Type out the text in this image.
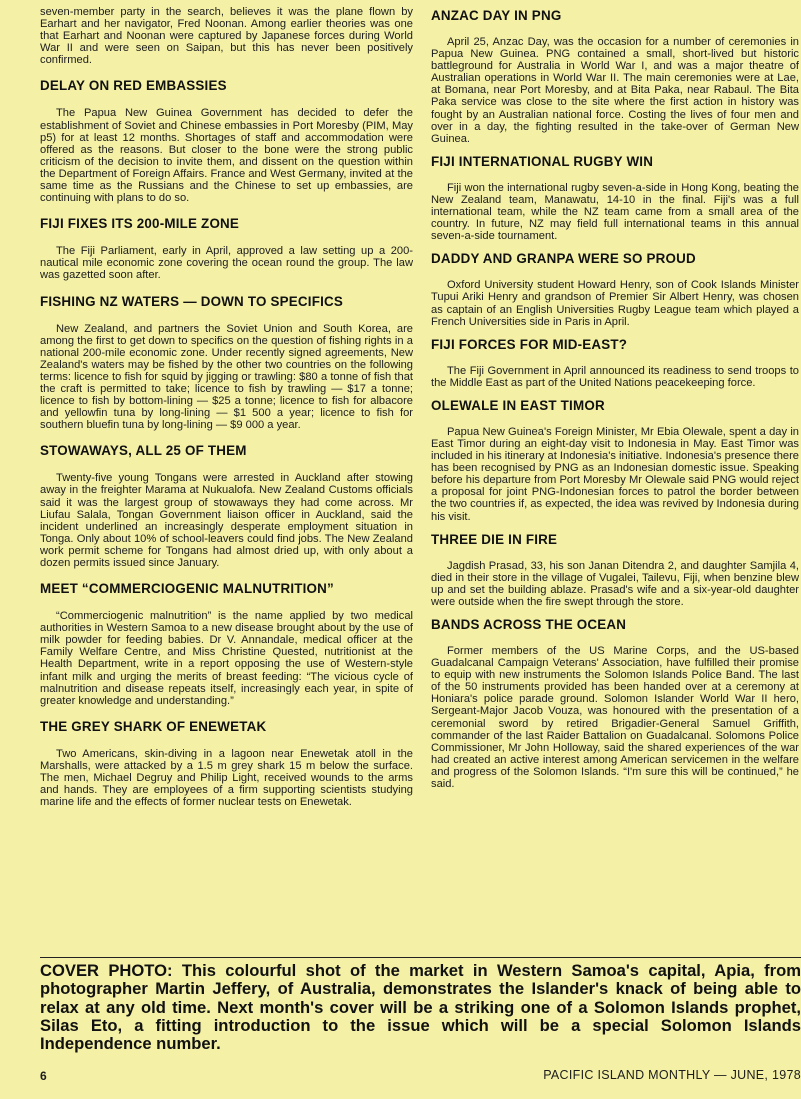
seven-member party in the search, believes it was the plane flown by Earhart and her navigator, Fred Noonan. Among earlier theories was one that Earhart and Noonan were captured by Japanese forces during World War II and were seen on Saipan, but this has never been positively confirmed.

DELAY ON RED EMBASSIES

The Papua New Guinea Government has decided to defer the establishment of Soviet and Chinese embassies in Port Moresby (PIM, May p5) for at least 12 months. Shortages of staff and accommodation were offered as the reasons. But closer to the bone were the strong public criticism of the decision to invite them, and dissent on the question within the Department of Foreign Affairs. France and West Germany, invited at the same time as the Russians and the Chinese to set up embassies, are continuing with plans to do so.

FIJI FIXES ITS 200-MILE ZONE

The Fiji Parliament, early in April, approved a law setting up a 200-nautical mile economic zone covering the ocean round the group. The law was gazetted soon after.

FISHING NZ WATERS — DOWN TO SPECIFICS

New Zealand, and partners the Soviet Union and South Korea, are among the first to get down to specifics on the question of fishing rights in a national 200-mile economic zone. Under recently signed agreements, New Zealand's waters may be fished by the other two countries on the following terms: licence to fish for squid by jigging or trawling: $80 a tonne of fish that the craft is permitted to take; licence to fish by trawling — $17 a tonne; licence to fish by bottom-lining — $25 a tonne; licence to fish for albacore and yellowfin tuna by long-lining — $1 500 a year; licence to fish for southern bluefin tuna by long-lining — $9 000 a year.

STOWAWAYS, ALL 25 OF THEM

Twenty-five young Tongans were arrested in Auckland after stowing away in the freighter Marama at Nukualofa. New Zealand Customs officials said it was the largest group of stowaways they had come across. Mr Liufau Salala, Tongan Government liaison officer in Auckland, said the incident underlined an increasingly desperate employment situation in Tonga. Only about 10% of school-leavers could find jobs. The New Zealand work permit scheme for Tongans had almost dried up, with only about a dozen permits issued since January.

MEET “COMMERCIOGENIC MALNUTRITION”

“Commerciogenic malnutrition” is the name applied by two medical authorities in Western Samoa to a new disease brought about by the use of milk powder for feeding babies. Dr V. Annandale, medical officer at the Family Welfare Centre, and Miss Christine Quested, nutritionist at the Health Department, write in a report opposing the use of Western-style infant milk and urging the merits of breast feeding: “The vicious cycle of malnutrition and disease repeats itself, increasingly each year, in spite of greater knowledge and understanding.”

THE GREY SHARK OF ENEWETAK

Two Americans, skin-diving in a lagoon near Enewetak atoll in the Marshalls, were attacked by a 1.5 m grey shark 15 m below the surface. The men, Michael Degruy and Philip Light, received wounds to the arms and hands. They are employees of a firm supporting scientists studying marine life and the effects of former nuclear tests on Enewetak.

ANZAC DAY IN PNG

April 25, Anzac Day, was the occasion for a number of ceremonies in Papua New Guinea. PNG contained a small, short-lived but historic battleground for Australia in World War I, and was a major theatre of Australian operations in World War II. The main ceremonies were at Lae, at Bomana, near Port Moresby, and at Bita Paka, near Rabaul. The Bita Paka service was close to the site where the first action in history was fought by an Australian national force. Costing the lives of four men and over in a day, the fighting resulted in the take-over of German New Guinea.

FIJI INTERNATIONAL RUGBY WIN

Fiji won the international rugby seven-a-side in Hong Kong, beating the New Zealand team, Manawatu, 14-10 in the final. Fiji's was a full international team, while the NZ team came from a small area of the country. In future, NZ may field full international teams in this annual seven-a-side tournament.

DADDY AND GRANPA WERE SO PROUD

Oxford University student Howard Henry, son of Cook Islands Minister Tupui Ariki Henry and grandson of Premier Sir Albert Henry, was chosen as captain of an English Universities Rugby League team which played a French Universities side in Paris in April.

FIJI FORCES FOR MID-EAST?

The Fiji Government in April announced its readiness to send troops to the Middle East as part of the United Nations peacekeeping force.

OLEWALE IN EAST TIMOR

Papua New Guinea's Foreign Minister, Mr Ebia Olewale, spent a day in East Timor during an eight-day visit to Indonesia in May. East Timor was included in his itinerary at Indonesia's initiative. Indonesia's presence there has been recognised by PNG as an Indonesian domestic issue. Speaking before his departure from Port Moresby Mr Olewale said PNG would reject a proposal for joint PNG-Indonesian forces to patrol the border between the two countries if, as expected, the idea was revived by Indonesia during his visit.

THREE DIE IN FIRE

Jagdish Prasad, 33, his son Janan Ditendra 2, and daughter Samjila 4, died in their store in the village of Vugalei, Tailevu, Fiji, when benzine blew up and set the building ablaze. Prasad's wife and a six-year-old daughter were outside when the fire swept through the store.

BANDS ACROSS THE OCEAN

Former members of the US Marine Corps, and the US-based Guadalcanal Campaign Veterans' Association, have fulfilled their promise to equip with new instruments the Solomon Islands Police Band. The last of the 50 instruments provided has been handed over at a ceremony at Honiara's police parade ground. Solomon Islander World War II hero, Sergeant-Major Jacob Vouza, was honoured with the presentation of a ceremonial sword by retired Brigadier-General Samuel Griffith, commander of the last Raider Battalion on Guadalcanal. Solomons Police Commissioner, Mr John Holloway, said the shared experiences of the war had created an active interest among American servicemen in the welfare and progress of the Solomon Islands. “I'm sure this will be continued,” he said.

COVER PHOTO: This colourful shot of the market in Western Samoa's capital, Apia, from photographer Martin Jeffery, of Australia, demonstrates the Islander's knack of being able to relax at any old time. Next month's cover will be a striking one of a Solomon Islands prophet, Silas Eto, a fitting introduction to the issue which will be a special Solomon Islands Independence number.
6	PACIFIC ISLAND MONTHLY — JUNE, 1978
